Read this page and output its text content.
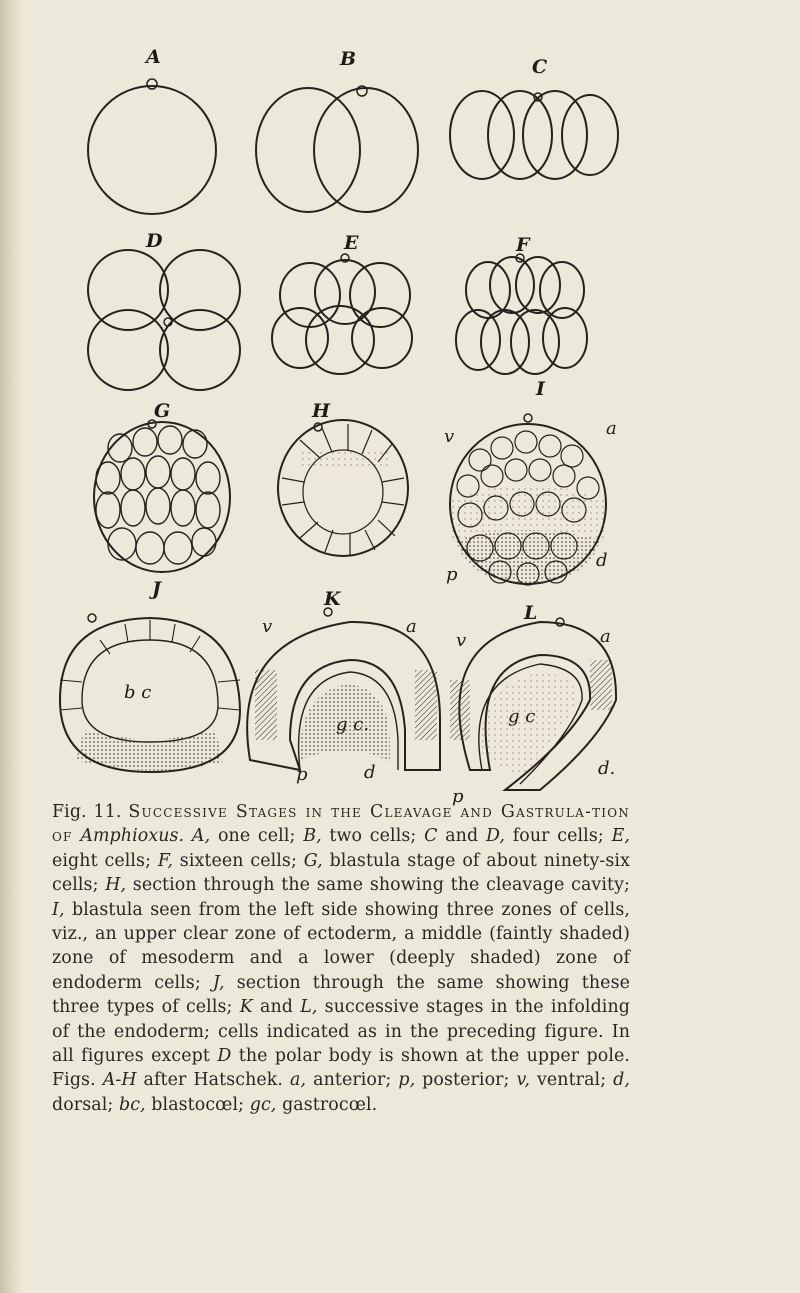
A	B	C
D	E	F
G	H
I
J	K
L
v	a
p
d
b c
v	a
p	d
g c.
v	a
p
d.
g c
Fig. 11. Successive Stages in the Cleavage and Gastrula-tion of Amphioxus. A, one cell; B, two cells; C and D, four cells; E, eight cells; F, sixteen cells; G, blastula stage of about ninety-six cells; H, section through the same showing the cleavage cavity; I, blastula seen from the left side showing three zones of cells, viz., an upper clear zone of ectoderm, a middle (faintly shaded) zone of mesoderm and a lower (deeply shaded) zone of endoderm cells; J, section through the same showing these three types of cells; K and L, successive stages in the infolding of the endoderm; cells indicated as in the preceding figure. In all figures except D the polar body is shown at the upper pole. Figs. A-H after Hatschek. a, anterior; p, posterior; v, ventral; d, dorsal; bc, blastocœl; gc, gastrocœl.
